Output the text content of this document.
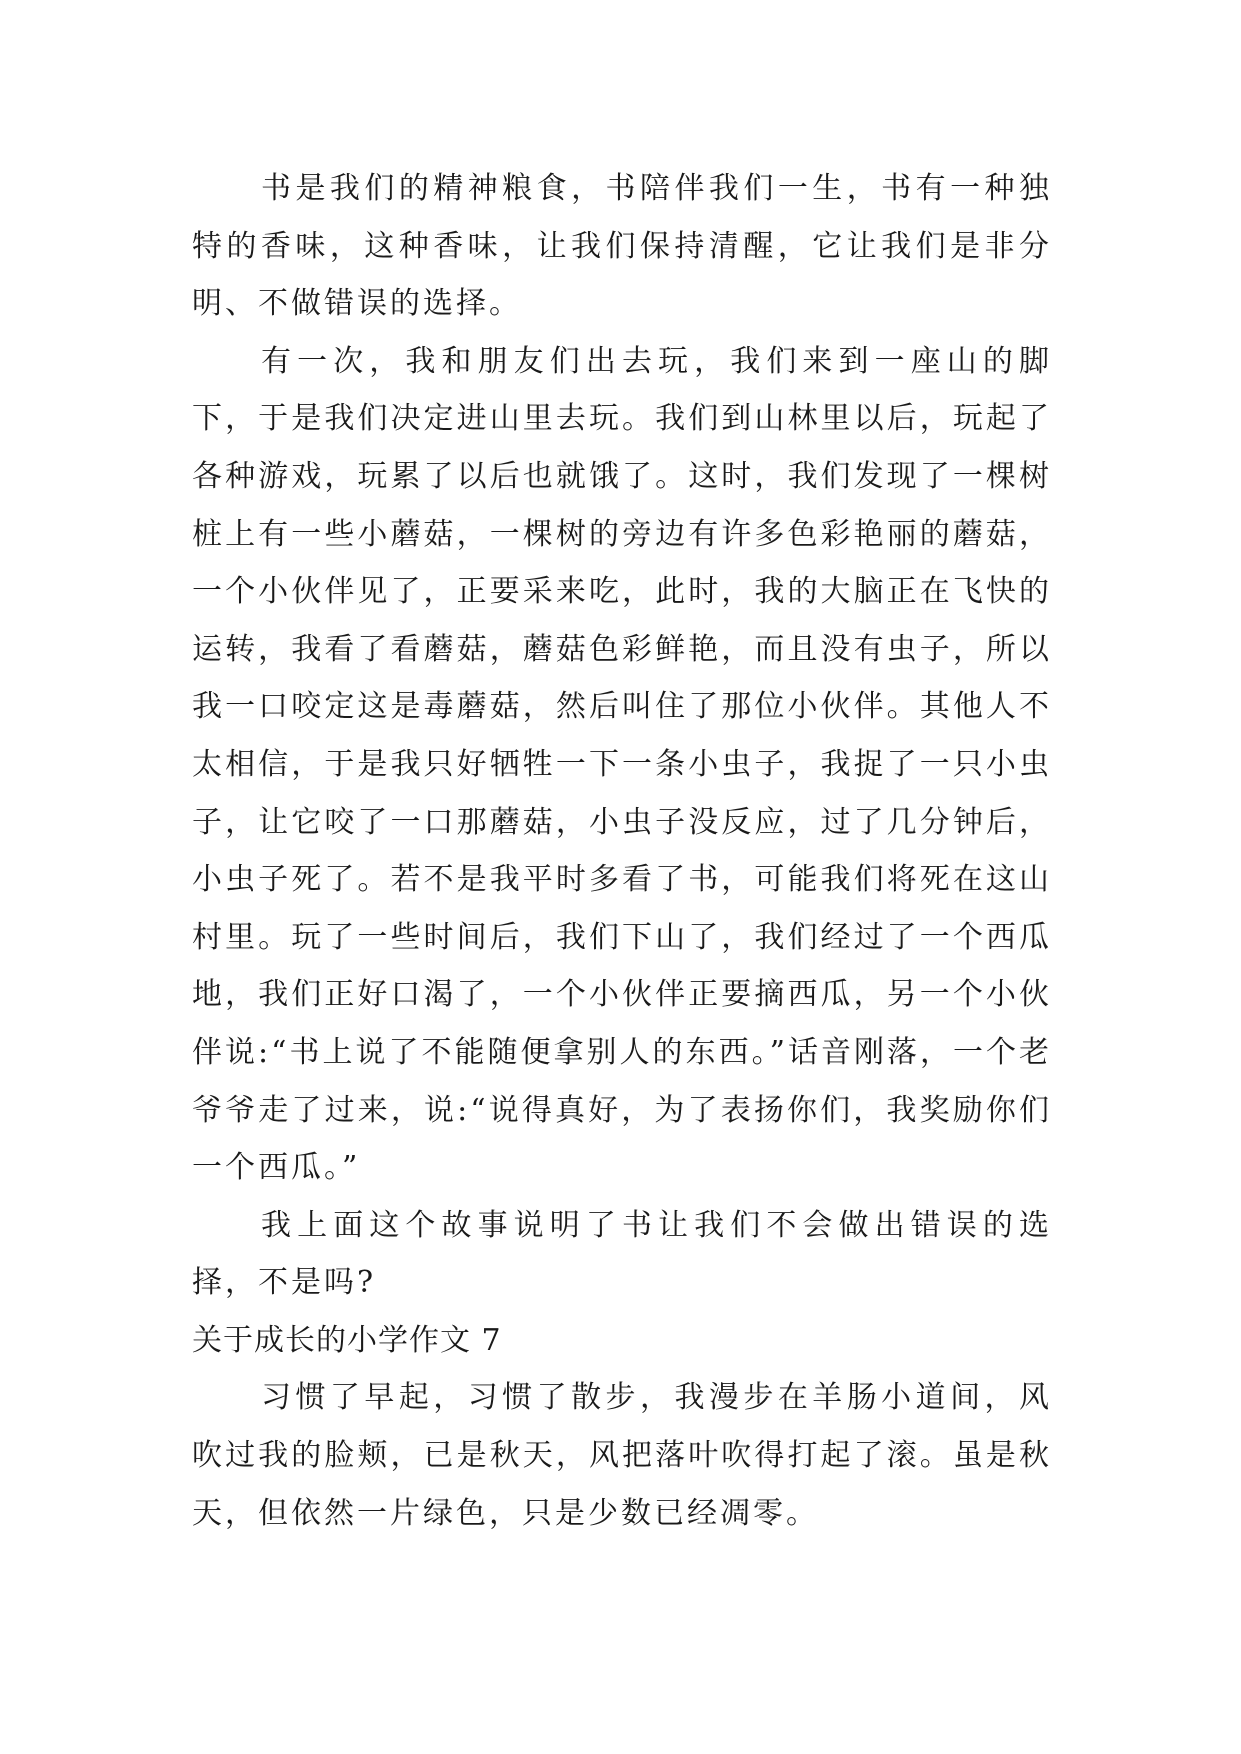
书是我们的精神粮食，书陪伴我们一生，书有一种独特的香味，这种香味，让我们保持清醒，它让我们是非分明、不做错误的选择。

有一次，我和朋友们出去玩，我们来到一座山的脚下，于是我们决定进山里去玩。我们到山林里以后，玩起了各种游戏，玩累了以后也就饿了。这时，我们发现了一棵树桩上有一些小蘑菇，一棵树的旁边有许多色彩艳丽的蘑菇，一个小伙伴见了，正要采来吃，此时，我的大脑正在飞快的运转，我看了看蘑菇，蘑菇色彩鲜艳，而且没有虫子，所以我一口咬定这是毒蘑菇，然后叫住了那位小伙伴。其他人不太相信，于是我只好牺牲一下一条小虫子，我捉了一只小虫子，让它咬了一口那蘑菇，小虫子没反应，过了几分钟后，小虫子死了。若不是我平时多看了书，可能我们将死在这山村里。玩了一些时间后，我们下山了，我们经过了一个西瓜地，我们正好口渴了，一个小伙伴正要摘西瓜，另一个小伙伴说:“书上说了不能随便拿别人的东西。”话音刚落，一个老爷爷走了过来，说:“说得真好，为了表扬你们，我奖励你们一个西瓜。”

我上面这个故事说明了书让我们不会做出错误的选择，不是吗?

关于成长的小学作文 7

习惯了早起，习惯了散步，我漫步在羊肠小道间，风吹过我的脸颊，已是秋天，风把落叶吹得打起了滚。虽是秋天，但依然一片绿色，只是少数已经凋零。
